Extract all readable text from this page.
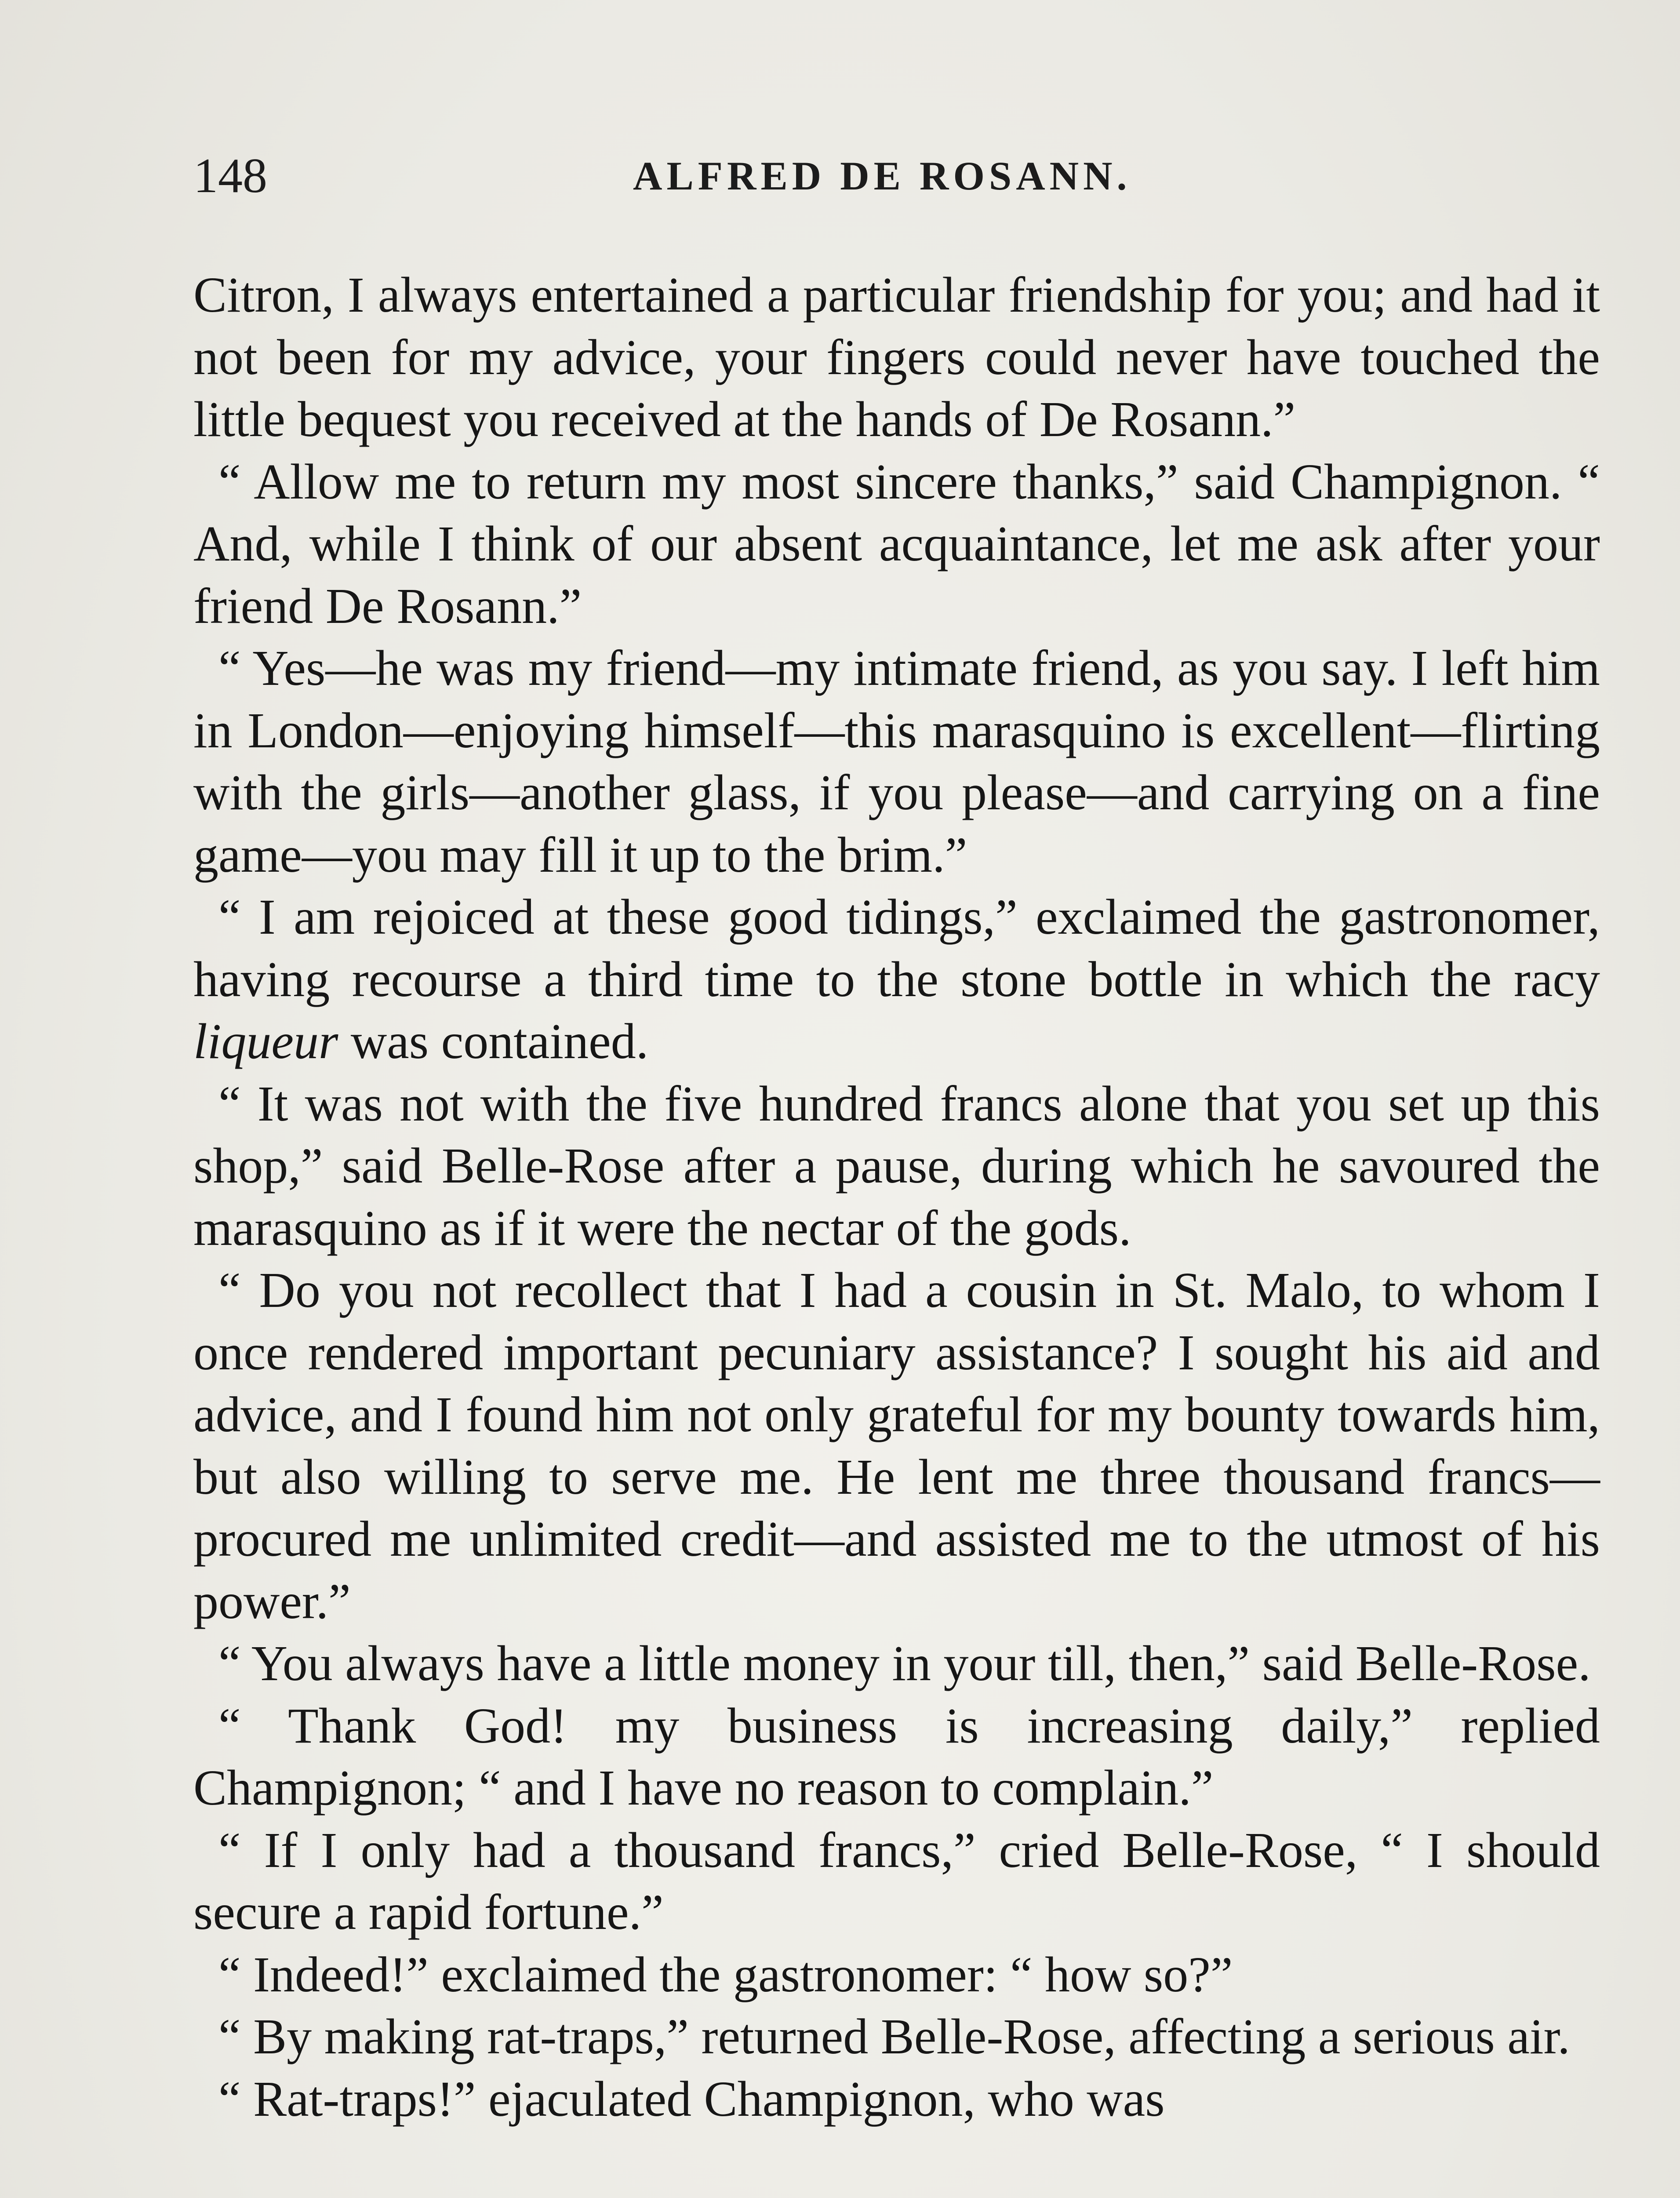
148	ALFRED DE ROSANN.

Citron, I always entertained a particular friendship for you; and had it not been for my advice, your fingers could never have touched the little bequest you received at the hands of De Rosann.”

“ Allow me to return my most sincere thanks,” said Champignon. “ And, while I think of our absent acquaintance, let me ask after your friend De Rosann.”

“ Yes—he was my friend—my intimate friend, as you say. I left him in London—enjoying himself—this marasquino is excellent—flirting with the girls—another glass, if you please—and carrying on a fine game—you may fill it up to the brim.”

“ I am rejoiced at these good tidings,” exclaimed the gastronomer, having recourse a third time to the stone bottle in which the racy liqueur was contained.

“ It was not with the five hundred francs alone that you set up this shop,” said Belle-Rose after a pause, during which he savoured the marasquino as if it were the nectar of the gods.

“ Do you not recollect that I had a cousin in St. Malo, to whom I once rendered important pecuniary assistance? I sought his aid and advice, and I found him not only grateful for my bounty towards him, but also willing to serve me. He lent me three thousand francs—procured me unlimited credit—and assisted me to the utmost of his power.”

“ You always have a little money in your till, then,” said Belle-Rose.

“ Thank God! my business is increasing daily,” replied Champignon; “ and I have no reason to complain.”

“ If I only had a thousand francs,” cried Belle-Rose, “ I should secure a rapid fortune.”

“ Indeed!” exclaimed the gastronomer: “ how so?”

“ By making rat-traps,” returned Belle-Rose, affecting a serious air.

“ Rat-traps!” ejaculated Champignon, who was
